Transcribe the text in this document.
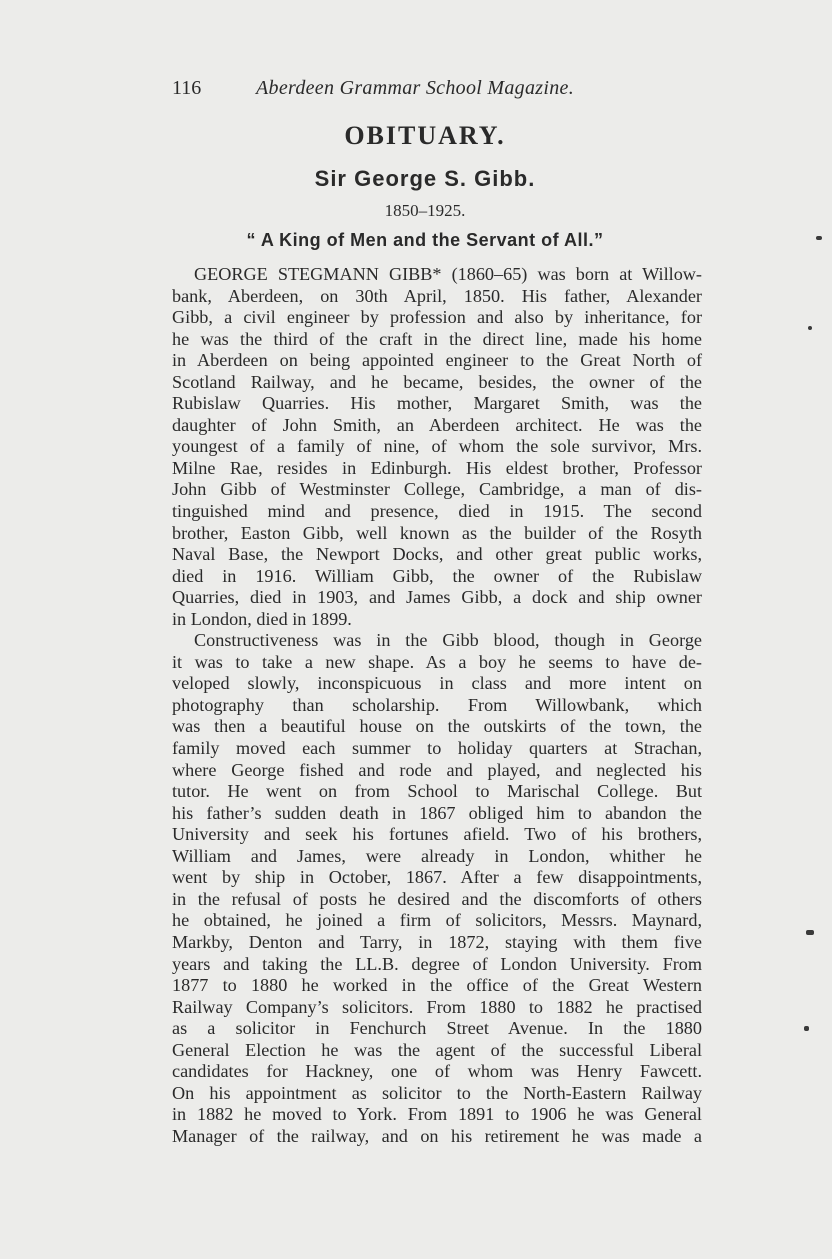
116	Aberdeen Grammar School Magazine.
OBITUARY.
Sir George S. Gibb.
1850–1925.
“ A King of Men and the Servant of All.”
GEORGE STEGMANN GIBB* (1860–65) was born at Willow-
bank, Aberdeen, on 30th April, 1850. His father, Alexander
Gibb, a civil engineer by profession and also by inheritance, for
he was the third of the craft in the direct line, made his home
in Aberdeen on being appointed engineer to the Great North of
Scotland Railway, and he became, besides, the owner of the
Rubislaw Quarries. His mother, Margaret Smith, was the
daughter of John Smith, an Aberdeen architect. He was the
youngest of a family of nine, of whom the sole survivor, Mrs.
Milne Rae, resides in Edinburgh. His eldest brother, Professor
John Gibb of Westminster College, Cambridge, a man of dis-
tinguished mind and presence, died in 1915. The second
brother, Easton Gibb, well known as the builder of the Rosyth
Naval Base, the Newport Docks, and other great public works,
died in 1916. William Gibb, the owner of the Rubislaw
Quarries, died in 1903, and James Gibb, a dock and ship owner
in London, died in 1899.
Constructiveness was in the Gibb blood, though in George
it was to take a new shape. As a boy he seems to have de-
veloped slowly, inconspicuous in class and more intent on
photography than scholarship. From Willowbank, which
was then a beautiful house on the outskirts of the town, the
family moved each summer to holiday quarters at Strachan,
where George fished and rode and played, and neglected his
tutor. He went on from School to Marischal College. But
his father’s sudden death in 1867 obliged him to abandon the
University and seek his fortunes afield. Two of his brothers,
William and James, were already in London, whither he
went by ship in October, 1867. After a few disappointments,
in the refusal of posts he desired and the discomforts of others
he obtained, he joined a firm of solicitors, Messrs. Maynard,
Markby, Denton and Tarry, in 1872, staying with them five
years and taking the LL.B. degree of London University. From
1877 to 1880 he worked in the office of the Great Western
Railway Company’s solicitors. From 1880 to 1882 he practised
as a solicitor in Fenchurch Street Avenue. In the 1880
General Election he was the agent of the successful Liberal
candidates for Hackney, one of whom was Henry Fawcett.
On his appointment as solicitor to the North-Eastern Railway
in 1882 he moved to York. From 1891 to 1906 he was General
Manager of the railway, and on his retirement he was made a
